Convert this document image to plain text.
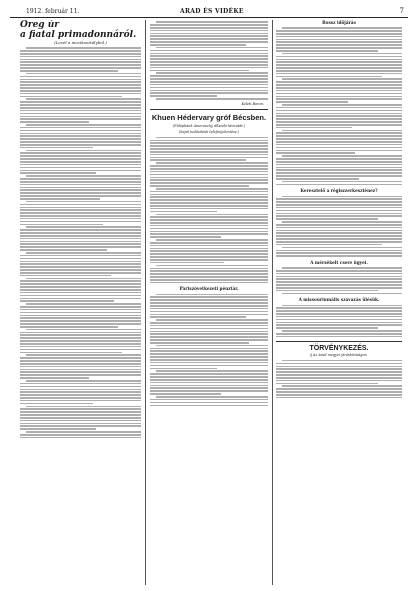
1912. február 11.	ARAD ÉS VIDÉKE	7
Öreg úr
a fiatal primadonnáról.
(Levél a mozikosztályból.)
Keleti Baron.
Khuen Hédervary gróf Bécsben.
(Fülöpbánk Ámerauchy állandó táviratát.)
(Saját tudósítónk telefonjelentése.)
Pártszövetkezeti pénztár.
Rossz időjárás
Keresztelő a régiszzerkeszténez?
A mérsékelt csere ügyei.
A missouriumális szavazás ülésük.
TÖRVÉNYKEZÉS.
§ Az Arad megyei járásbíróságon.
